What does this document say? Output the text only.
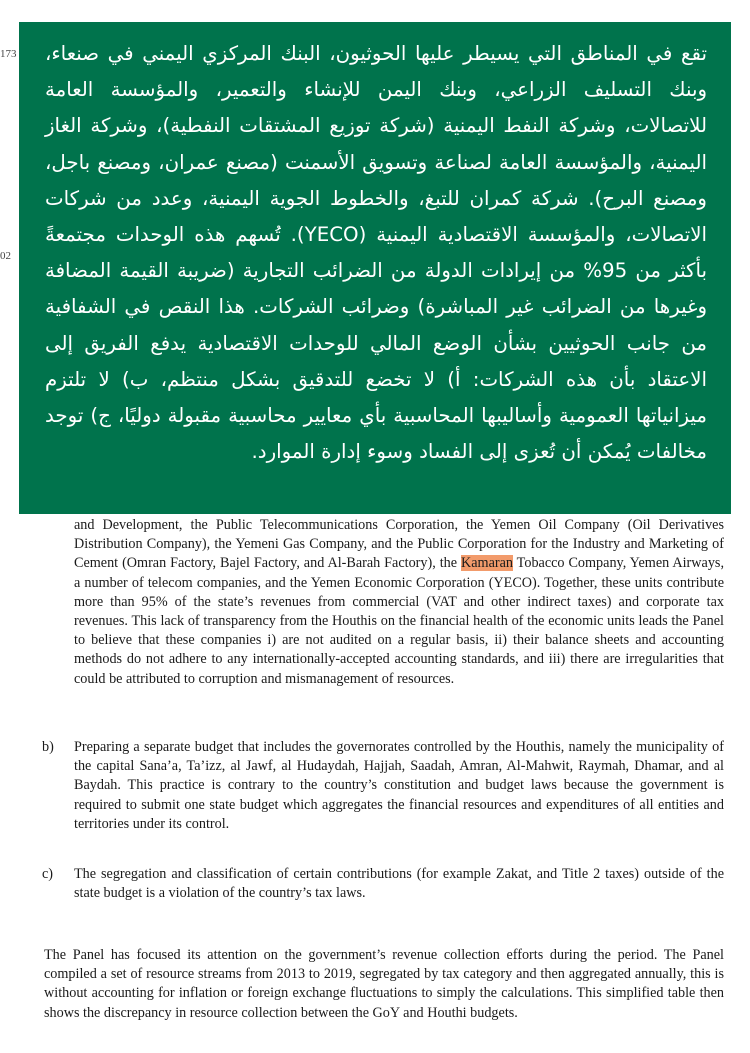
173
02

and Development, the Public Telecommunications Corporation, the Yemen Oil Company (Oil Derivatives Distribution Company), the Yemeni Gas Company, and the Public Corporation for the Industry and Marketing of Cement (Omran Factory, Bajel Factory, and Al-Barah Factory), the Kamaran Tobacco Company, Yemen Airways, a number of telecom companies, and the Yemen Economic Corporation (YECO). Together, these units contribute more than 95% of the state’s revenues from commercial (VAT and other indirect taxes) and corporate tax revenues. This lack of transparency from the Houthis on the financial health of the economic units leads the Panel to believe that these companies i) are not audited on a regular basis, ii) their balance sheets and accounting methods do not adhere to any internationally-accepted accounting standards, and iii) there are irregularities that could be attributed to corruption and mismanagement of resources.

b) Preparing a separate budget that includes the governorates controlled by the Houthis, namely the municipality of the capital Sana’a, Ta’izz, al Jawf, al Hudaydah, Hajjah, Saadah, Amran, Al-Mahwit, Raymah, Dhamar, and al Baydah. This practice is contrary to the country’s constitution and budget laws because the government is required to submit one state budget which aggregates the financial resources and expenditures of all entities and territories under its control.

c) The segregation and classification of certain contributions (for example Zakat, and Title 2 taxes) outside of the state budget is a violation of the country’s tax laws.

The Panel has focused its attention on the government’s revenue collection efforts during the period. The Panel compiled a set of resource streams from 2013 to 2019, segregated by tax category and then aggregated annually, this is without accounting for inflation or foreign exchange fluctuations to simply the calculations. This simplified table then shows the discrepancy in resource collection between the GoY and Houthi budgets.

تقع في المناطق التي يسيطر عليها الحوثيون، البنك المركزي اليمني في صنعاء، وبنك التسليف الزراعي، وبنك اليمن للإنشاء والتعمير، والمؤسسة العامة للاتصالات، وشركة النفط اليمنية (شركة توزيع المشتقات النفطية)، وشركة الغاز اليمنية، والمؤسسة العامة لصناعة وتسويق الأسمنت (مصنع عمران، ومصنع باجل، ومصنع البرح). شركة كمران للتبغ، والخطوط الجوية اليمنية، وعدد من شركات الاتصالات، والمؤسسة الاقتصادية اليمنية (YECO). تُسهم هذه الوحدات مجتمعةً بأكثر من 95% من إيرادات الدولة من الضرائب التجارية (ضريبة القيمة المضافة وغيرها من الضرائب غير المباشرة) وضرائب الشركات. هذا النقص في الشفافية من جانب الحوثيين بشأن الوضع المالي للوحدات الاقتصادية يدفع الفريق إلى الاعتقاد بأن هذه الشركات: أ) لا تخضع للتدقيق بشكل منتظم، ب) لا تلتزم ميزانياتها العمومية وأساليبها المحاسبية بأي معايير محاسبية مقبولة دوليًا، ج) توجد مخالفات يُمكن أن تُعزى إلى الفساد وسوء إدارة الموارد.
